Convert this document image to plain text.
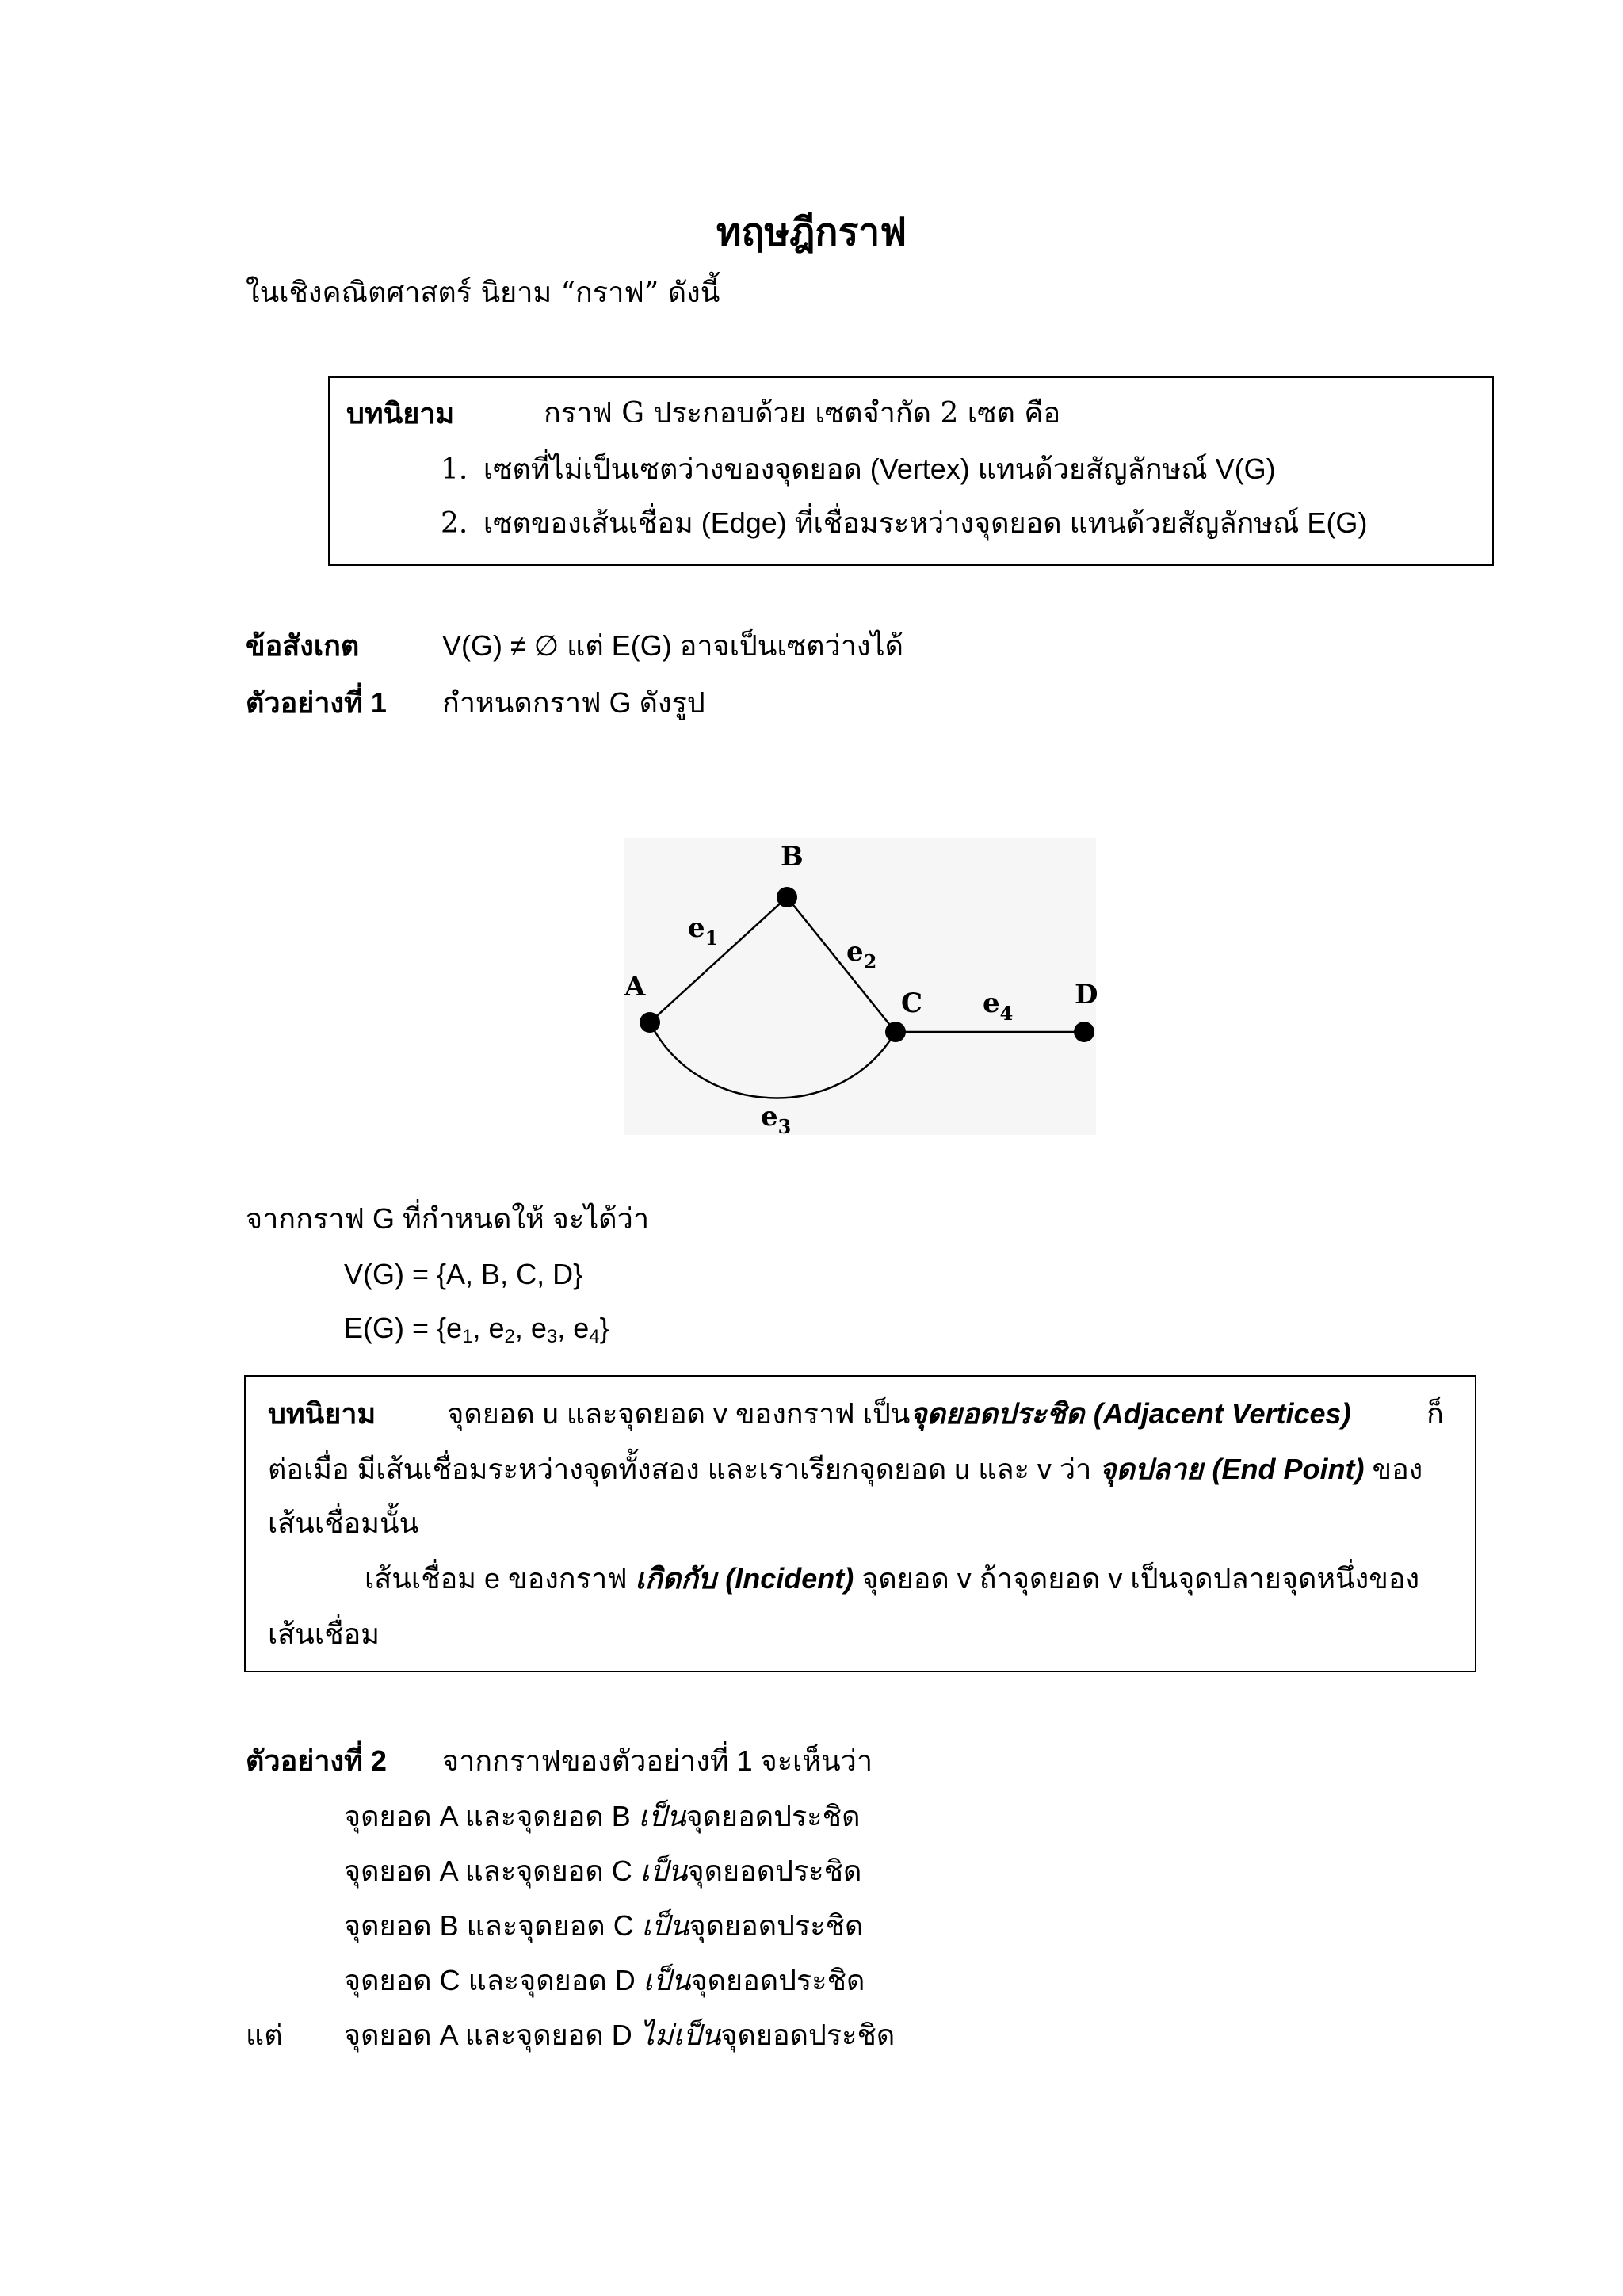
ทฤษฎีกราฟ
ในเชิงคณิตศาสตร์ นิยาม “กราฟ” ดังนี้
บทนิยาม	กราฟ G ประกอบด้วย เซตจำกัด 2 เซต คือ
1. เซตที่ไม่เป็นเซตว่างของจุดยอด (Vertex) แทนด้วยสัญลักษณ์ V(G)
2. เซตของเส้นเชื่อม (Edge) ที่เชื่อมระหว่างจุดยอด แทนด้วยสัญลักษณ์ E(G)
ข้อสังเกต	V(G) ≠ ∅ แต่ E(G) อาจเป็นเซตว่างได้
ตัวอย่างที่ 1 กำหนดกราฟ G ดังรูป
A
B
C	D
$e_1$	$e_2$
$e_3$
$e_4$
จากกราฟ G ที่กำหนดให้ จะได้ว่า
V(G) = {A, B, C, D}
$E(G) = \{e_1$, $e_2$, $e_3$, $e_4$}
บทนิยาม	จุดยอด u และจุดยอด v ของกราฟ เป็นจุดยอดประชิด (Adjacent Vertices)	ก็
ต่อเมื่อ มีเส้นเชื่อมระหว่างจุดทั้งสอง และเราเรียกจุดยอด u และ v ว่า จุดปลาย (End Point) ของ
เส้นเชื่อมนั้น
เส้นเชื่อม e ของกราฟ เกิดกับ (Incident) จุดยอด v ถ้าจุดยอด v เป็นจุดปลายจุดหนึ่งของ
เส้นเชื่อม
ตัวอย่างที่ 2 จากกราฟของตัวอย่างที่ 1 จะเห็นว่า
จุดยอด A และจุดยอด B เป็นจุดยอดประชิด
จุดยอด A และจุดยอด C เป็นจุดยอดประชิด
จุดยอด B และจุดยอด C เป็นจุดยอดประชิด
จุดยอด C และจุดยอด D เป็นจุดยอดประชิด
แต่ จุดยอด A และจุดยอด D ไม่เป็นจุดยอดประชิด
